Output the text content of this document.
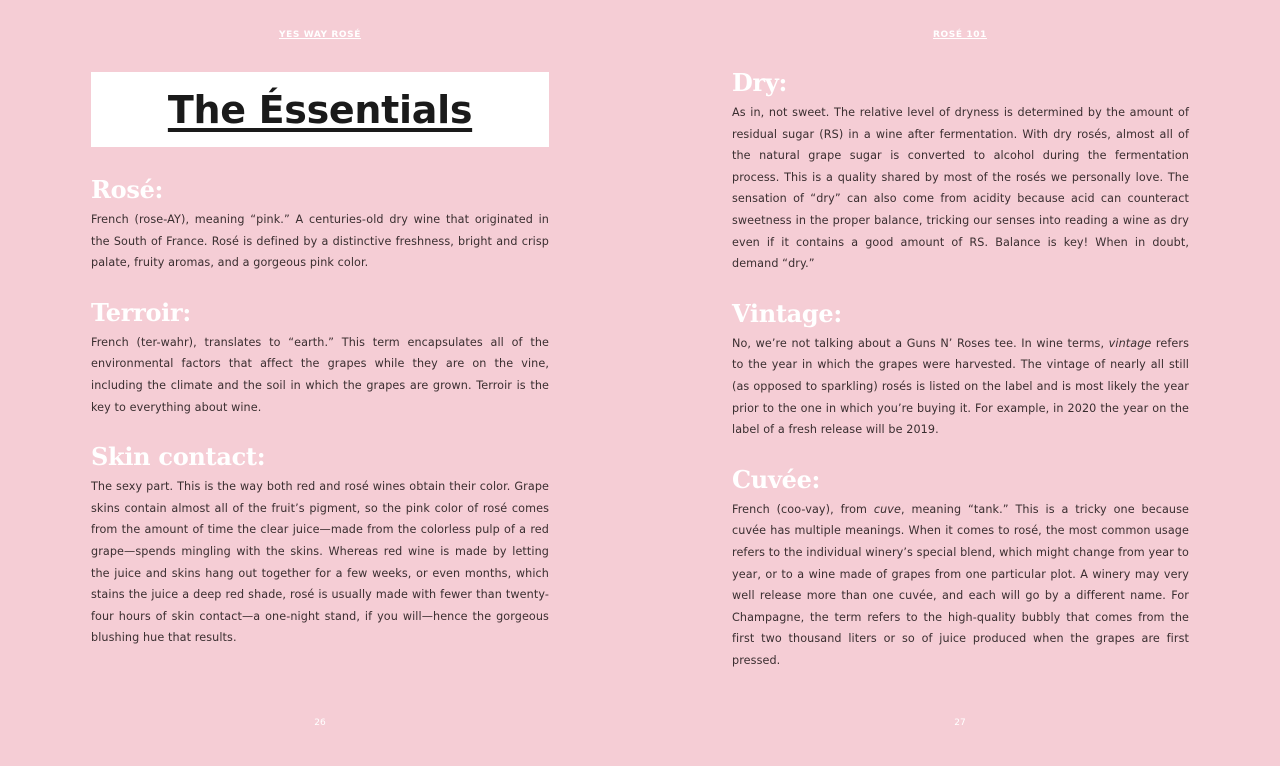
YES WAY ROSÉ
The Éssentials
Rosé:

French (rose-AY), meaning “pink.” A centuries-old dry wine that originated in the South of France. Rosé is defined by a distinctive freshness, bright and crisp palate, fruity aromas, and a gorgeous pink color.

Terroir:

French (ter-wahr), translates to “earth.” This term encapsulates all of the environmental factors that affect the grapes while they are on the vine, including the climate and the soil in which the grapes are grown. Terroir is the key to everything about wine.

Skin contact:

The sexy part. This is the way both red and rosé wines obtain their color. Grape skins contain almost all of the fruit’s pigment, so the pink color of rosé comes from the amount of time the clear juice—made from the colorless pulp of a red grape—spends mingling with the skins. Whereas red wine is made by letting the juice and skins hang out together for a few weeks, or even months, which stains the juice a deep red shade, rosé is usually made with fewer than twenty-four hours of skin contact—a one-night stand, if you will—hence the gorgeous blushing hue that results.

26
ROSÉ 101
Dry:

As in, not sweet. The relative level of dryness is determined by the amount of residual sugar (RS) in a wine after fermentation. With dry rosés, almost all of the natural grape sugar is converted to alcohol during the fermentation process. This is a quality shared by most of the rosés we personally love. The sensation of “dry” can also come from acidity because acid can counteract sweetness in the proper balance, tricking our senses into reading a wine as dry even if it contains a good amount of RS. Balance is key! When in doubt, demand “dry.”

Vintage:

No, we’re not talking about a Guns N’ Roses tee. In wine terms, vintage refers to the year in which the grapes were harvested. The vintage of nearly all still (as opposed to sparkling) rosés is listed on the label and is most likely the year prior to the one in which you’re buying it. For example, in 2020 the year on the label of a fresh release will be 2019.

Cuvée:

French (coo-vay), from cuve, meaning “tank.” This is a tricky one because cuvée has multiple meanings. When it comes to rosé, the most common usage refers to the individual winery’s special blend, which might change from year to year, or to a wine made of grapes from one particular plot. A winery may very well release more than one cuvée, and each will go by a different name. For Champagne, the term refers to the high-quality bubbly that comes from the first two thousand liters or so of juice produced when the grapes are first pressed.

27
